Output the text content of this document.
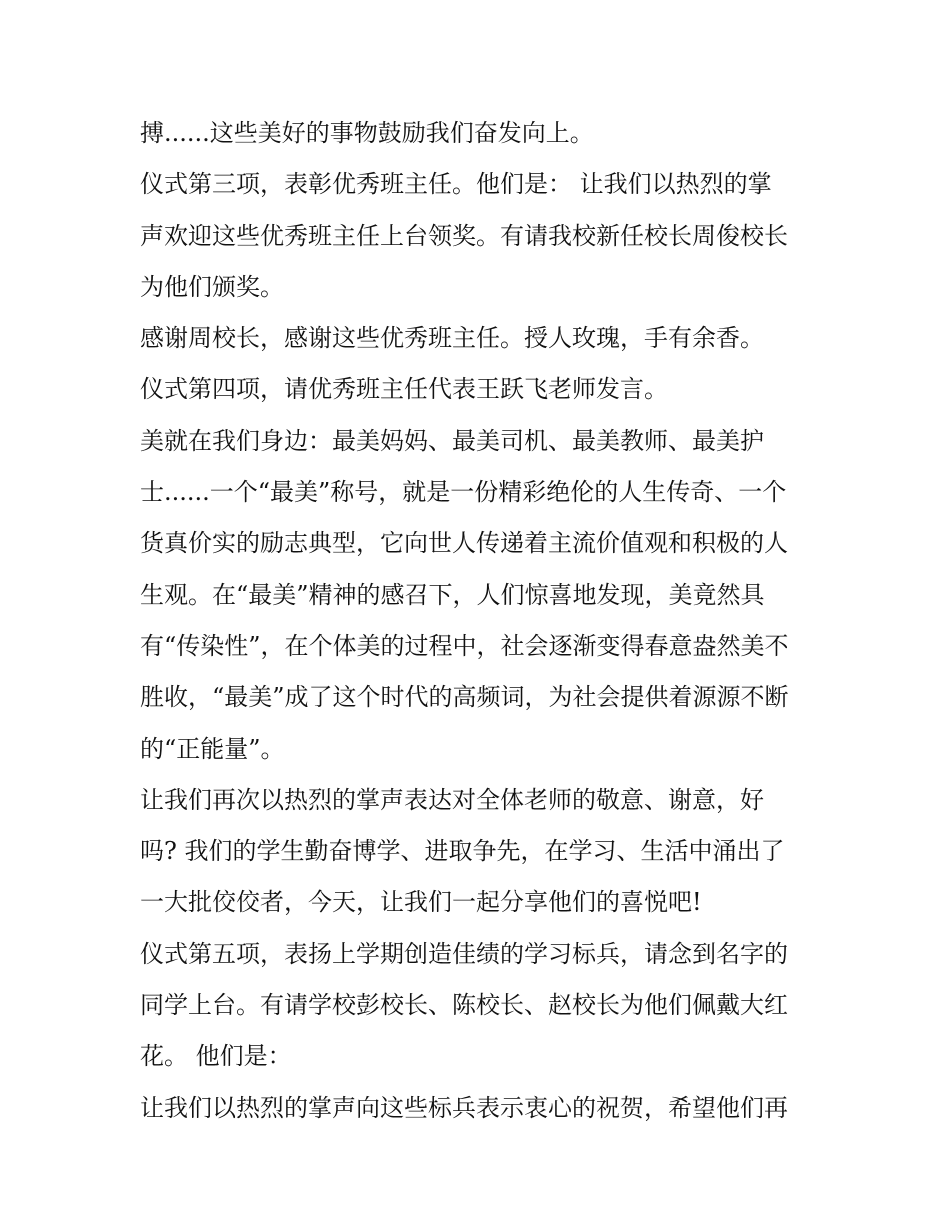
搏......这些美好的事物鼓励我们奋发向上。
仪式第三项，表彰优秀班主任。他们是： 让我们以热烈的掌
声欢迎这些优秀班主任上台领奖。有请我校新任校长周俊校长
为他们颁奖。
感谢周校长，感谢这些优秀班主任。授人玫瑰，手有余香。
仪式第四项，请优秀班主任代表王跃飞老师发言。
美就在我们身边：最美妈妈、最美司机、最美教师、最美护
士......一个“最美”称号，就是一份精彩绝伦的人生传奇、一个
货真价实的励志典型，它向世人传递着主流价值观和积极的人
生观。在“最美”精神的感召下，人们惊喜地发现，美竟然具
有“传染性”，在个体美的过程中，社会逐渐变得春意盎然美不
胜收，“最美”成了这个时代的高频词，为社会提供着源源不断
的“正能量”。
让我们再次以热烈的掌声表达对全体老师的敬意、谢意，好
吗? 我们的学生勤奋博学、进取争先，在学习、生活中涌出了
一大批佼佼者，今天，让我们一起分享他们的喜悦吧!
仪式第五项，表扬上学期创造佳绩的学习标兵，请念到名字的
同学上台。有请学校彭校长、陈校长、赵校长为他们佩戴大红
花。 他们是：
让我们以热烈的掌声向这些标兵表示衷心的祝贺，希望他们再
